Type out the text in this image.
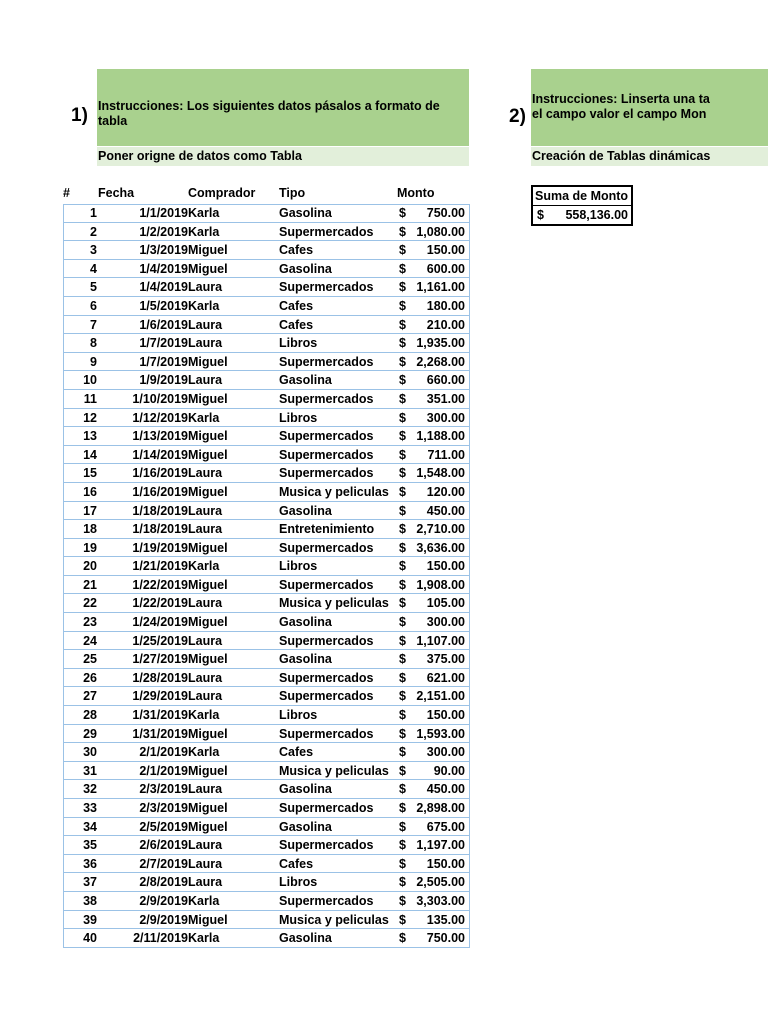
1) Instrucciones: Los siguientes datos pásalos a formato de tabla
Poner origne de datos como Tabla
2)
Instrucciones: Linserta una ta
el campo valor el campo Mon
Creación de Tablas dinámicas
# Fecha	Comprador Tipo	Monto
1	1/1/2019 Karla	Gasolina	$ 750.00
2	1/2/2019 Karla	Supermercados $ 1,080.00
3	1/3/2019 Miguel	Cafes	$ 150.00
4	1/4/2019 Miguel	Gasolina	$ 600.00
5	1/4/2019 Laura	Supermercados $ 1,161.00
6	1/5/2019 Karla	Cafes	$ 180.00
7	1/6/2019 Laura	Cafes	$ 210.00
8	1/7/2019 Laura	Libros	$ 1,935.00
9	1/7/2019 Miguel	Supermercados $ 2,268.00
10	1/9/2019 Laura	Gasolina	$ 660.00
11	1/10/2019 Miguel	Supermercados $ 351.00
12	1/12/2019 Karla	Libros	$ 300.00
13	1/13/2019 Miguel	Supermercados $ 1,188.00
14	1/14/2019 Miguel	Supermercados $ 711.00
15	1/16/2019 Laura	Supermercados $ 1,548.00
16	1/16/2019 Miguel	Musica y peliculas $ 120.00
17	1/18/2019 Laura	Gasolina	$ 450.00
18	1/18/2019 Laura	Entretenimiento $ 2,710.00
19	1/19/2019 Miguel	Supermercados $ 3,636.00
20	1/21/2019 Karla	Libros	$ 150.00
21	1/22/2019 Miguel	Supermercados $ 1,908.00
22	1/22/2019 Laura	Musica y peliculas $ 105.00
23	1/24/2019 Miguel	Gasolina	$ 300.00
24	1/25/2019 Laura	Supermercados $ 1,107.00
25	1/27/2019 Miguel	Gasolina	$ 375.00
26	1/28/2019 Laura	Supermercados $ 621.00
27	1/29/2019 Laura	Supermercados $ 2,151.00
28	1/31/2019 Karla	Libros	$ 150.00
29	1/31/2019 Miguel	Supermercados $ 1,593.00
30	2/1/2019 Karla	Cafes	$ 300.00
31	2/1/2019 Miguel	Musica y peliculas $ 90.00
32	2/3/2019 Laura	Gasolina	$ 450.00
33	2/3/2019 Miguel	Supermercados $ 2,898.00
34	2/5/2019 Miguel	Gasolina	$ 675.00
35	2/6/2019 Laura	Supermercados $ 1,197.00
36	2/7/2019 Laura	Cafes	$ 150.00
37	2/8/2019 Laura	Libros	$ 2,505.00
38	2/9/2019 Karla	Supermercados $ 3,303.00
39	2/9/2019 Miguel	Musica y peliculas $ 135.00
40	2/11/2019 Karla	Gasolina	$ 750.00
Suma de Monto
$ 558,136.00
